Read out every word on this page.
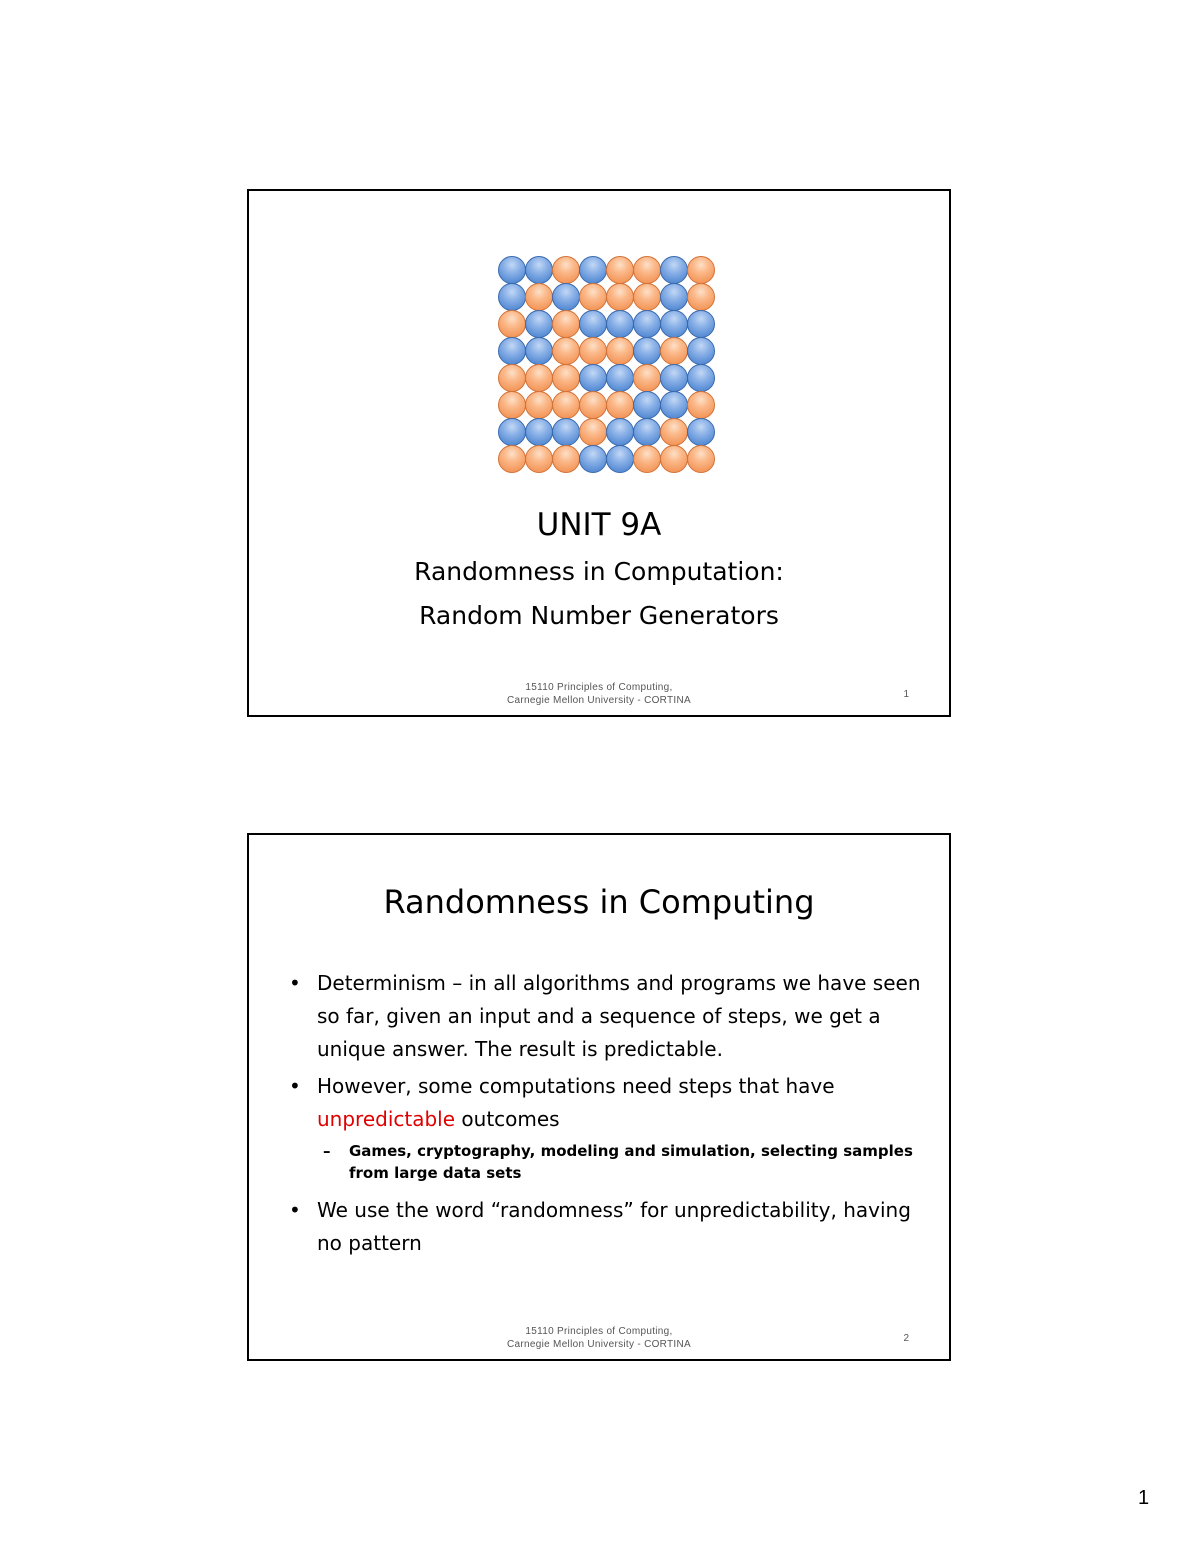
UNIT 9A
Randomness in Computation:
Random Number Generators
15110 Principles of Computing,
Carnegie Mellon University - CORTINA
1
Randomness in Computing
• Determinism – in all algorithms and programs we have seen so far, given an input and a sequence of steps, we get a unique answer. The result is predictable.
• However, some computations need steps that have unpredictable outcomes
– Games, cryptography, modeling and simulation, selecting samples from large data sets
• We use the word “randomness” for unpredictability, having no pattern
15110 Principles of Computing,
Carnegie Mellon University - CORTINA
2
1
